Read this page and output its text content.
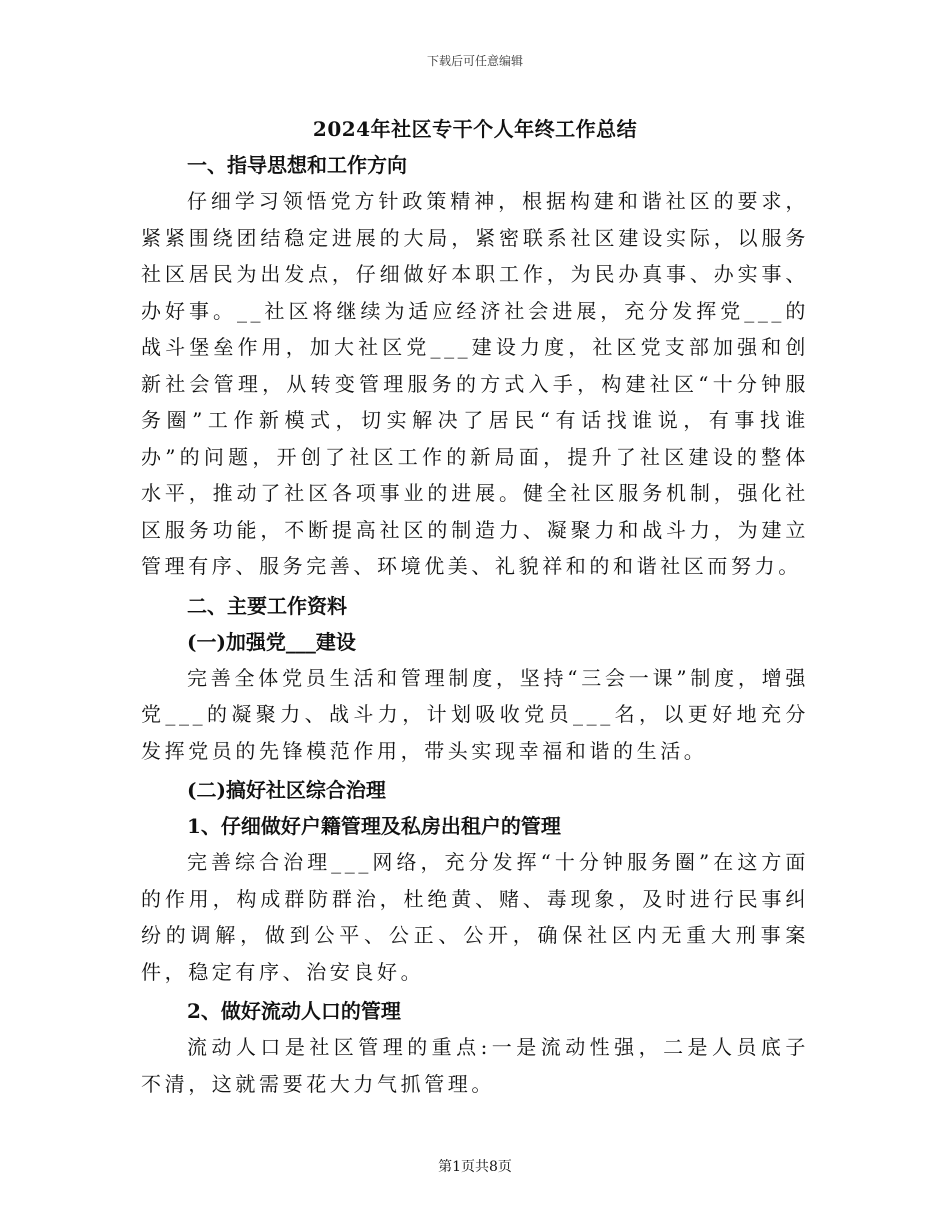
下载后可任意编辑
2024年社区专干个人年终工作总结
一、指导思想和工作方向
仔细学习领悟党方针政策精神，根据构建和谐社区的要求，紧紧围绕团结稳定进展的大局，紧密联系社区建设实际，以服务社区居民为出发点，仔细做好本职工作，为民办真事、办实事、办好事。__社区将继续为适应经济社会进展，充分发挥党___的战斗堡垒作用，加大社区党___建设力度，社区党支部加强和创新社会管理，从转变管理服务的方式入手，构建社区“十分钟服务圈”工作新模式，切实解决了居民“有话找谁说，有事找谁办”的问题，开创了社区工作的新局面，提升了社区建设的整体水平，推动了社区各项事业的进展。健全社区服务机制，强化社区服务功能，不断提高社区的制造力、凝聚力和战斗力，为建立管理有序、服务完善、环境优美、礼貌祥和的和谐社区而努力。
二、主要工作资料
(一)加强党___建设
完善全体党员生活和管理制度，坚持“三会一课”制度，增强党___的凝聚力、战斗力，计划吸收党员___名，以更好地充分发挥党员的先锋模范作用，带头实现幸福和谐的生活。
(二)搞好社区综合治理
1、仔细做好户籍管理及私房出租户的管理
完善综合治理___网络，充分发挥“十分钟服务圈”在这方面的作用，构成群防群治，杜绝黄、赌、毒现象，及时进行民事纠纷的调解，做到公平、公正、公开，确保社区内无重大刑事案件，稳定有序、治安良好。
2、做好流动人口的管理
流动人口是社区管理的重点:一是流动性强，二是人员底子不清，这就需要花大力气抓管理。
第1页共8页
